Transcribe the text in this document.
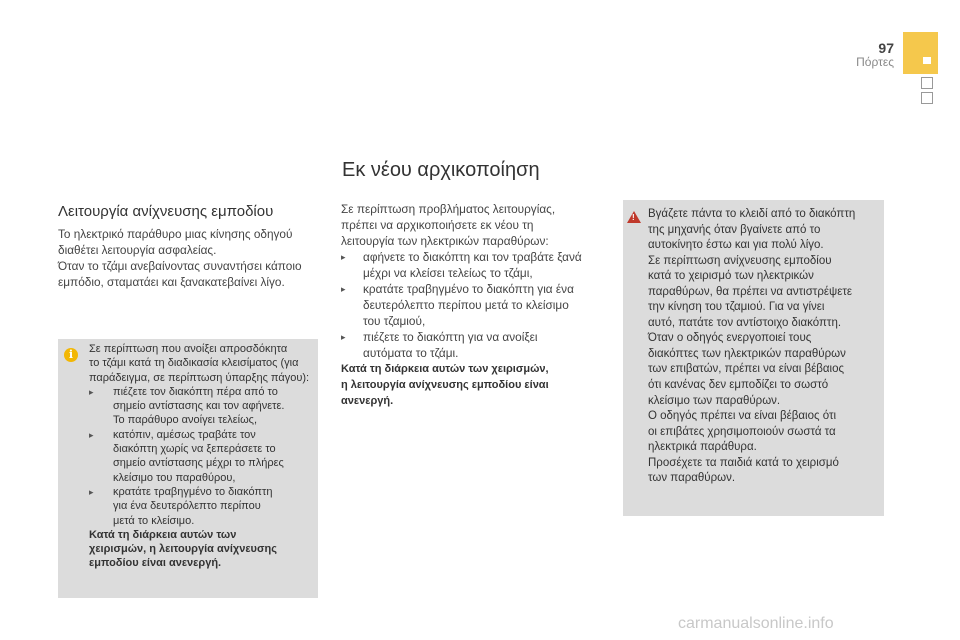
97
Πόρτες
Εκ νέου αρχικοποίηση
Λειτουργία ανίχνευσης εμποδίου
Το ηλεκτρικό παράθυρο μιας κίνησης οδηγού
διαθέτει λειτουργία ασφαλείας.
Όταν το τζάμι ανεβαίνοντας συναντήσει κάποιο
εμπόδιο, σταματάει και ξανακατεβαίνει λίγο.
i	Σε περίπτωση που ανοίξει απροσδόκητα
το τζάμι κατά τη διαδικασία κλεισίματος (για
παράδειγμα, σε περίπτωση ύπαρξης πάγου):
▸	πιέζετε τον διακόπτη πέρα από το
σημείο αντίστασης και τον αφήνετε.
Το παράθυρο ανοίγει τελείως,
▸	κατόπιν, αμέσως τραβάτε τον
διακόπτη χωρίς να ξεπεράσετε το
σημείο αντίστασης μέχρι το πλήρες
κλείσιμο του παραθύρου,
▸	κρατάτε τραβηγμένο το διακόπτη
για ένα δευτερόλεπτο περίπου
μετά το κλείσιμο.
Κατά τη διάρκεια αυτών των
χειρισμών, η λειτουργία ανίχνευσης
εμποδίου είναι ανενεργή.
Σε περίπτωση προβλήματος λειτουργίας,
πρέπει να αρχικοποιήσετε εκ νέου τη
λειτουργία των ηλεκτρικών παραθύρων:
▸	αφήνετε το διακόπτη και τον τραβάτε ξανά
μέχρι να κλείσει τελείως το τζάμι,
▸	κρατάτε τραβηγμένο το διακόπτη για ένα
δευτερόλεπτο περίπου μετά το κλείσιμο
του τζαμιού,
▸	πιέζετε το διακόπτη για να ανοίξει
αυτόματα το τζάμι.
Κατά τη διάρκεια αυτών των χειρισμών,
η λειτουργία ανίχνευσης εμποδίου είναι
ανενεργή.
! Βγάζετε πάντα το κλειδί από το διακόπτη
της μηχανής όταν βγαίνετε από το
αυτοκίνητο έστω και για πολύ λίγο.
Σε περίπτωση ανίχνευσης εμποδίου
κατά το χειρισμό των ηλεκτρικών
παραθύρων, θα πρέπει να αντιστρέψετε
την κίνηση του τζαμιού. Για να γίνει
αυτό, πατάτε τον αντίστοιχο διακόπτη.
Όταν ο οδηγός ενεργοποιεί τους
διακόπτες των ηλεκτρικών παραθύρων
των επιβατών, πρέπει να είναι βέβαιος
ότι κανένας δεν εμποδίζει το σωστό
κλείσιμο των παραθύρων.
Ο οδηγός πρέπει να είναι βέβαιος ότι
οι επιβάτες χρησιμοποιούν σωστά τα
ηλεκτρικά παράθυρα.
Προσέχετε τα παιδιά κατά το χειρισμό
των παραθύρων.
carmanualsonline.info
